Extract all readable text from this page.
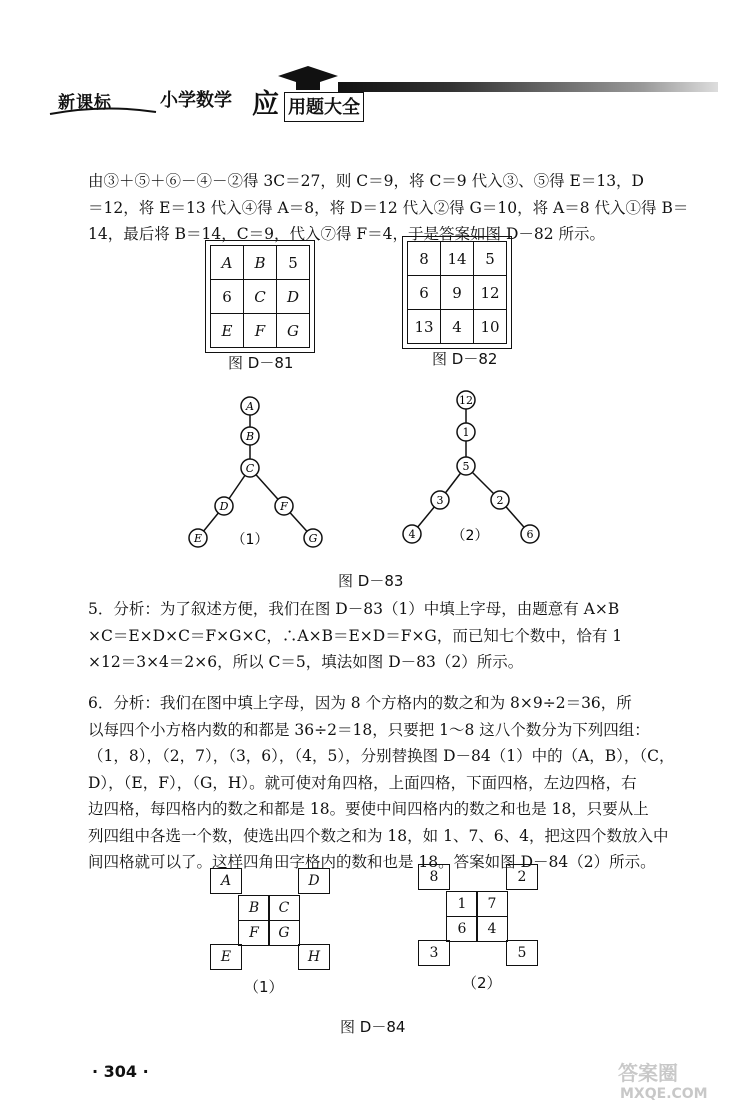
新课标	小学数学 应 用题大全
由③＋⑤＋⑥－④－②得 3C＝27，则 C＝9，将 C＝9 代入③、⑤得 E＝13，D
＝12，将 E＝13 代入④得 A＝8，将 D＝12 代入②得 G＝10，将 A＝8 代入①得 B＝
14，最后将 B＝14，C＝9，代入⑦得 F＝4，于是答案如图 D－82 所示。
A	B	5
6	C	D
E	F	G
图 D－81
8	14	5
6	9	12
13	4	10
图 D－82
A
B
C
D	F
E	G
12
1
5
3	2
4	6
（1）	（2）
图 D－83
5．分析：为了叙述方便，我们在图 D－83（1）中填上字母，由题意有 A×B
×C＝E×D×C＝F×G×C，∴A×B＝E×D＝F×G，而已知七个数中，恰有 1
×12＝3×4＝2×6，所以 C＝5，填法如图 D－83（2）所示。
6．分析：我们在图中填上字母，因为 8 个方格内的数之和为 8×9÷2＝36，所
以每四个小方格内数的和都是 36÷2＝18，只要把 1～8 这八个数分为下列四组：
（1，8），（2，7），（3，6），（4，5），分别替换图 D－84（1）中的（A，B），（C，
D），（E，F），（G，H）。就可使对角四格，上面四格，下面四格，左边四格，右
边四格，每四格内的数之和都是 18。要使中间四格内的数之和也是 18，只要从上
列四组中各选一个数，使选出四个数之和为 18，如 1、7、6、4，把这四个数放入中
间四格就可以了。这样四角田字格内的数和也是 18。答案如图 D－84（2）所示。
A	D
B	C
F	G
E	H
（1）
8	2
1	7
6	4
3	5
（2）
图 D－84
· 304 ·	答案圈
MXQE.COM
